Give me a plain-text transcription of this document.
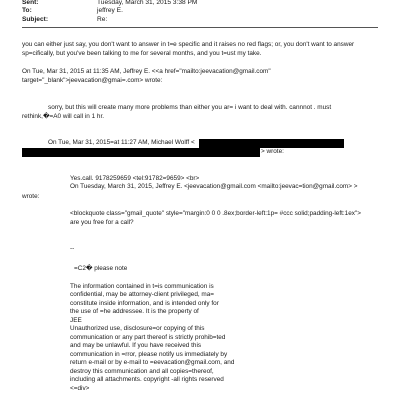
Sent:	Tuesday, March 31, 2015 3:38 PM
To:	jeffrey E.
Subject:	Re:
you can either just say, you don't want to answer in t=e specific and it raises no red flags; or, you don't want to answer
sp=cifically, but you've been talking to me for several months, and you t=ust my take.
On Tue, Mar 31, 2015 at 11:35 AM, Jeffrey E. <<a href="mailto:jeevacation@gmail.com"
target="_blank">jeevacation@gmai=.com> wrote:
sorry, but this will create many more problems than either you ar= i want to deal with. cannnot . must
rethink,�=A0 will call in 1 hr.
On Tue, Mar 31, 2015=at 11:27 AM, Michael Wolff <
> wrote:
Yes.call. 9178259659 <tel:91782=9659> <br>
On Tuesday, March 31, 2015, Jeffrey E. <jeevacation@gmail.com <mailto:jeevac=tion@gmail.com> >
wrote:
<blockquote class="gmail_quote" style="margin:0 0 0 .8ex;border-left:1p= #ccc solid;padding-left:1ex">
are you free for a call?
--
=C2� please note
The information contained in t=is communication is
confidential, may be attorney-client privileged, ma=
constitute inside information, and is intended only for
the use of =he addressee. It is the property of
JEE
Unauthorized use, disclosure=or copying of this
communication or any part thereof is strictly prohib=ted
and may be unlawful. If you have received this
communication in =rror, please notify us immediately by
return e-mail or by e-mail to =eevacation@gmail.com, and
destroy this communication and all copies=thereof,
including all attachments. copyright -all rights reserved
<=div>
